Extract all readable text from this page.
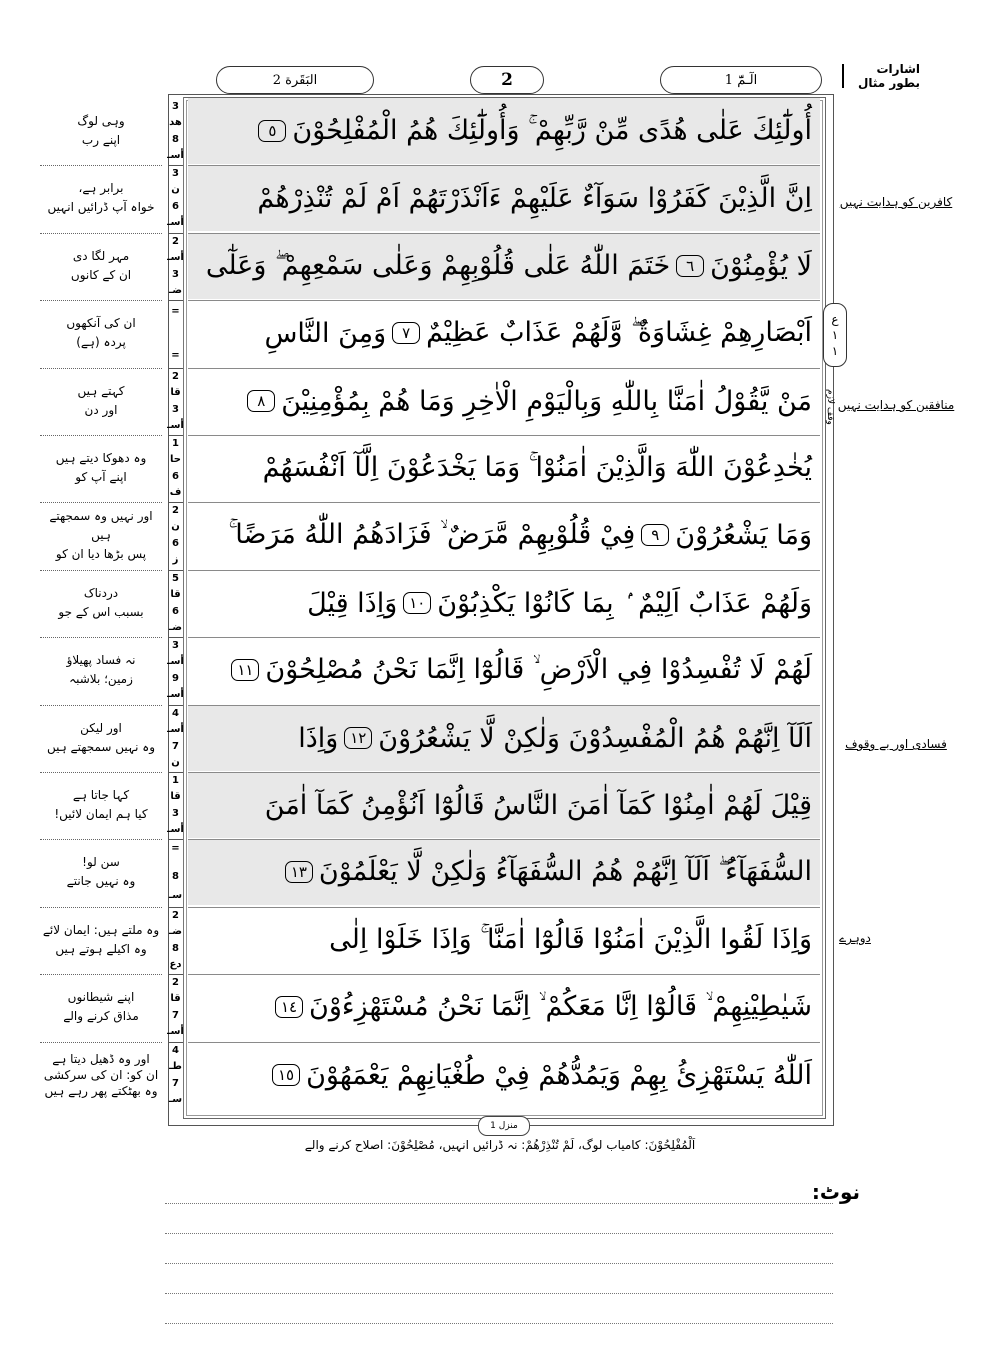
اشارات بطور مثال
البَقَرة 2	2	الٓـمّٓ 1
أُولَٰٓئِكَ عَلٰى هُدًى مِّنْ رَّبِّهِمْ ۚ وَأُولَٰٓئِكَ هُمُ الْمُفْلِحُوْنَ
٥
اِنَّ الَّذِيْنَ كَفَرُوْا سَوَآءٌ عَلَيْهِمْ ءَاَنْذَرْتَهُمْ اَمْ لَمْ تُنْذِرْهُمْ
لَا يُؤْمِنُوْنَ
٦
خَتَمَ اللّٰهُ عَلٰى قُلُوْبِهِمْ وَعَلٰى سَمْعِهِمْ ۖ وَعَلٰٓى
اَبْصَارِهِمْ غِشَاوَةٌ ۖ وَّلَهُمْ عَذَابٌ عَظِيْمٌ
٧
وَمِنَ النَّاسِ
مَنْ يَّقُوْلُ اٰمَنَّا بِاللّٰهِ وَبِالْيَوْمِ الْاٰخِرِ وَمَا هُمْ بِمُؤْمِنِيْنَ
٨
يُخٰدِعُوْنَ اللّٰهَ وَالَّذِيْنَ اٰمَنُوْا ۚ وَمَا يَخْدَعُوْنَ اِلَّآ اَنْفُسَهُمْ
وَمَا يَشْعُرُوْنَ
٩
فِيْ قُلُوْبِهِمْ مَّرَضٌ ۙ فَزَادَهُمُ اللّٰهُ مَرَضًا ۚ
وَلَهُمْ عَذَابٌ اَلِيْمٌ ۢ بِمَا كَانُوْا يَكْذِبُوْنَ
١٠
وَاِذَا قِيْلَ
لَهُمْ لَا تُفْسِدُوْا فِي الْاَرْضِ ۙ قَالُوْٓا اِنَّمَا نَحْنُ مُصْلِحُوْنَ
١١
اَلَآ اِنَّهُمْ هُمُ الْمُفْسِدُوْنَ وَلٰكِنْ لَّا يَشْعُرُوْنَ
١٢
وَاِذَا
قِيْلَ لَهُمْ اٰمِنُوْا كَمَآ اٰمَنَ النَّاسُ قَالُوْٓا اَنُؤْمِنُ كَمَآ اٰمَنَ
السُّفَهَآءُ ۖ اَلَآ اِنَّهُمْ هُمُ السُّفَهَآءُ وَلٰكِنْ لَّا يَعْلَمُوْنَ
١٣
وَاِذَا لَقُوا الَّذِيْنَ اٰمَنُوْا قَالُوْٓا اٰمَنَّا ۚ وَاِذَا خَلَوْا اِلٰى
شَيٰطِيْنِهِمْ ۙ قَالُوْٓا اِنَّا مَعَكُمْ ۙ اِنَّمَا نَحْنُ مُسْتَهْزِءُوْنَ
١٤
اَللّٰهُ يَسْتَهْزِئُ بِهِمْ وَيَمُدُّهُمْ فِيْ طُغْيَانِهِمْ يَعْمَهُوْنَ
١٥
3
هد
8
أسـ
3
ن
6
أسـ
2
أسـ
3
ضـ
=
=
2
قا
3
أسـ
1
حا
6
ف
2
ن
6
ز
5
قا
6
ضـ
3
أسـ
9
أسـ
4
أسـ
7
ن
1
قا
3
أسـ
=
8
سـ
2
ضـ
8
دع
2
قا
7
أسـ
4
طـ
7
سـ
وہی لوگ
اپنے رب
برابر ہے،
خواہ آپ ڈرائیں انہیں
مہر لگا دی
ان کے کانوں
ان کی آنکھوں
پردہ (ہے)
کہتے ہیں
اور دن
وہ دھوکا دیتے ہیں
اپنے آپ کو
اور نہیں وہ سمجھتے ہیں
پس بڑھا دیا ان کو
دردناک
بسبب اس کے جو
نہ فساد پھیلاؤ
زمین؛ بلاشبہ
اور لیکن
وہ نہیں سمجھتے ہیں
کہا جاتا ہے
کیا ہم ایمان لائیں!
سن لو!
وہ نہیں جانتے
وہ ملتے ہیں: ایمان لائے
وہ اکیلے ہوتے ہیں
اپنے شیطانوں
مذاق کرنے والے
اور وہ ڈھیل دیتا ہے
ان کو: ان کی سرکشی
وہ بھٹکتے پھر رہے ہیں
کافرین کو ہدایت نہیں
منافقین کو ہدایت نہیں
فسادی اور بے وقوف
دوہرے
ع
١
١
وقف لازم
منزل 1
اَلْمُفْلِحُوْنَ: کامیاب لوگ، لَمْ تُنْذِرْهُمْ: نہ ڈرائیں انہیں، مُصْلِحُوْنَ: اصلاح کرنے والے
نوٹ:
